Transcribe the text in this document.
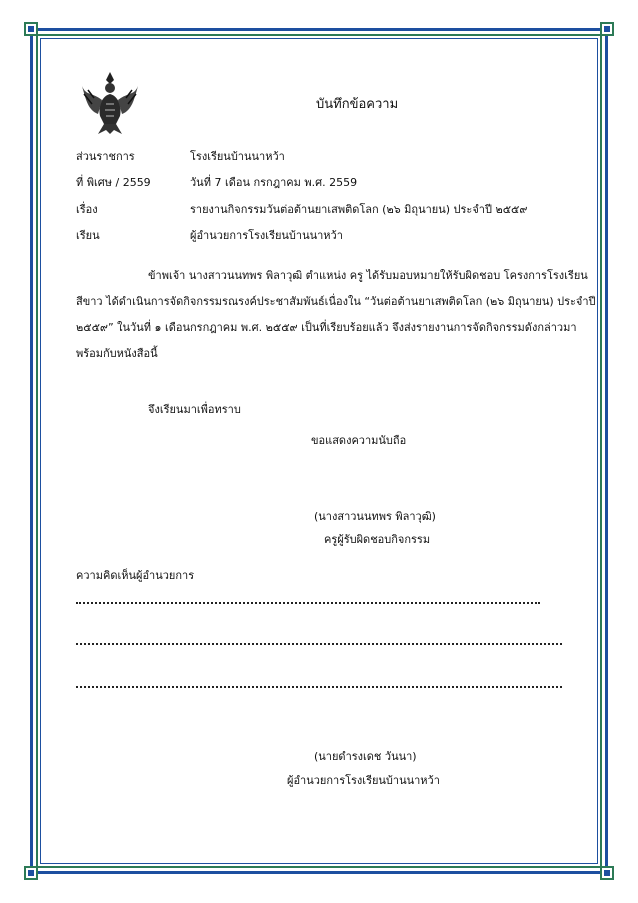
บันทึกข้อความ
ส่วนราชการ	โรงเรียนบ้านนาหว้า
ที่ พิเศษ / 2559	วันที่ 7 เดือน กรกฎาคม พ.ศ. 2559
เรื่อง	รายงานกิจกรรมวันต่อต้านยาเสพติดโลก (๒๖ มิถุนายน) ประจำปี ๒๕๕๙
เรียน	ผู้อำนวยการโรงเรียนบ้านนาหว้า
ข้าพเจ้า นางสาวนนทพร พิลาวุฒิ ตำแหน่ง ครู ได้รับมอบหมายให้รับผิดชอบ โครงการโรงเรียน
สีขาว ได้ดำเนินการจัดกิจกรรมรณรงค์ประชาสัมพันธ์เนื่องใน “วันต่อต้านยาเสพติดโลก (๒๖ มิถุนายน) ประจำปี
๒๕๕๙” ในวันที่ ๑ เดือนกรกฎาคม พ.ศ. ๒๕๕๙ เป็นที่เรียบร้อยแล้ว จึงส่งรายงานการจัดกิจกรรมดังกล่าวมา
พร้อมกับหนังสือนี้
จึงเรียนมาเพื่อทราบ
ขอแสดงความนับถือ
(นางสาวนนทพร พิลาวุฒิ)
ครูผู้รับผิดชอบกิจกรรม
ความคิดเห็นผู้อำนวยการ
(นายดำรงเดช วันนา)
ผู้อำนวยการโรงเรียนบ้านนาหว้า
